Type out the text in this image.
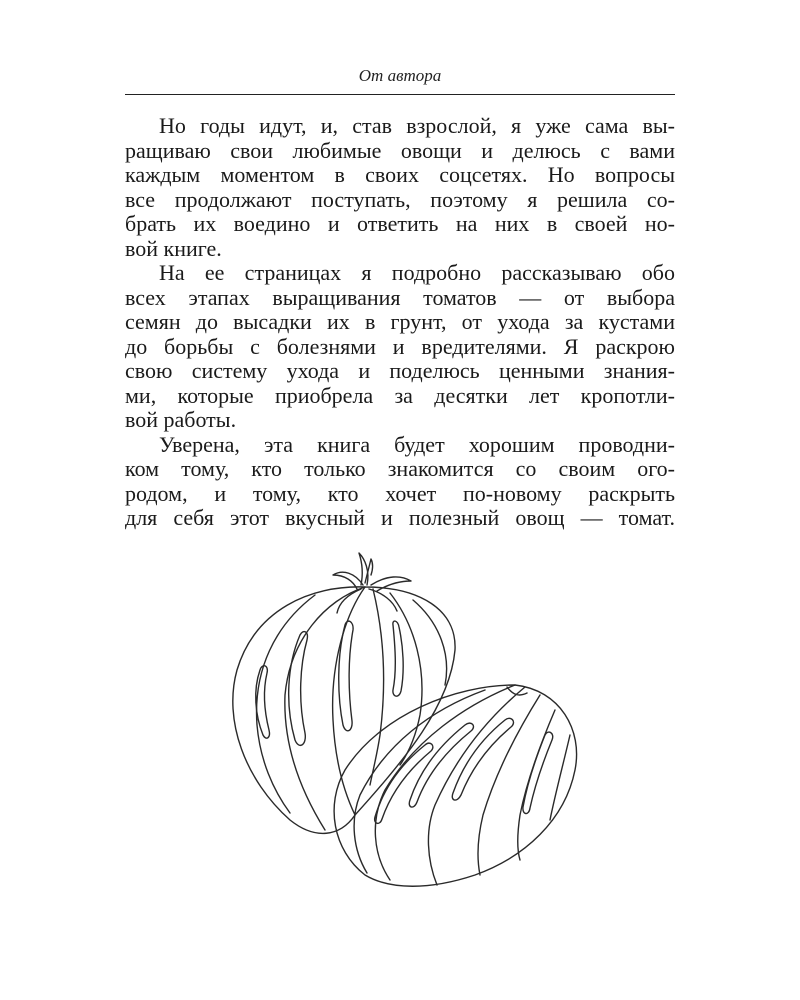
От автора
Но годы идут, и, став взрослой, я уже сама вы-
ращиваю свои любимые овощи и делюсь с вами
каждым моментом в своих соцсетях. Но вопросы
все продолжают поступать, поэтому я решила со-
брать их воедино и ответить на них в своей но-
вой книге.
На ее страницах я подробно рассказываю обо
всех этапах выращивания томатов — от выбора
семян до высадки их в грунт, от ухода за кустами
до борьбы с болезнями и вредителями. Я раскрою
свою систему ухода и поделюсь ценными знания-
ми, которые приобрела за десятки лет кропотли-
вой работы.
Уверена, эта книга будет хорошим проводни-
ком тому, кто только знакомится со своим ого-
родом, и тому, кто хочет по-новому раскрыть
для себя этот вкусный и полезный овощ — томат.
